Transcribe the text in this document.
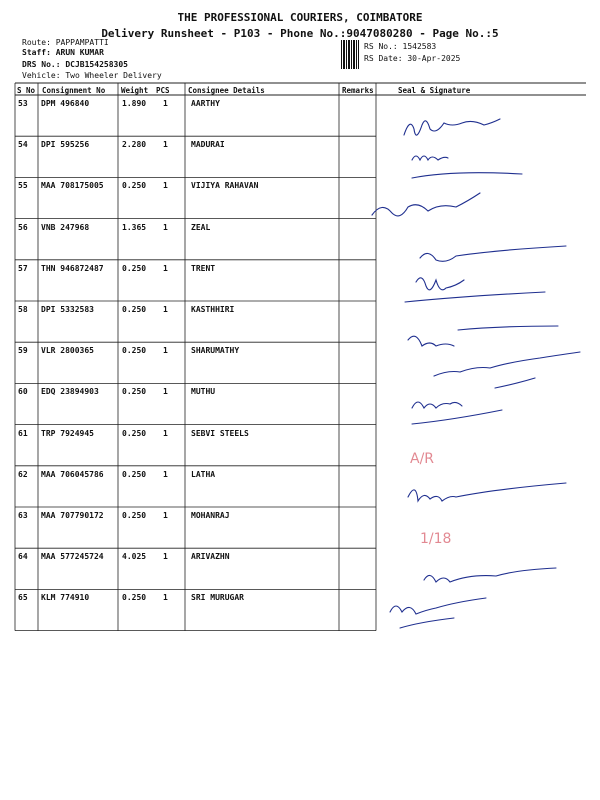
THE PROFESSIONAL COURIERS, COIMBATORE
Delivery Runsheet - P103 - Phone No.:9047080280 - Page No.:5
Route: PAPPAMPATTI
Staff: ARUN KUMAR
DRS No.: DCJB154258305
Vehicle: Two Wheeler Delivery
RS No.: 1542583
RS Date: 30-Apr-2025
S No Consignment No Weight PCS Consignee Details	Remarks	Seal & Signature
53 DPM 496840	1.890 1	AARTHY
54 DPI 595256	2.280 1	MADURAI
55 MAA 708175005 0.250 1	VIJIYA RAHAVAN
56 VNB 247968	1.365 1	ZEAL
57 THN 946872487 0.250 1	TRENT
58 DPI 5332583	0.250 1	KASTHHIRI
59 VLR 2800365	0.250 1	SHARUMATHY
60 EDQ 23894903	0.250 1	MUTHU
61 TRP 7924945	0.250 1	SEBVI STEELS
62 MAA 706045786 0.250 1	LATHA
63 MAA 707790172 0.250 1	MOHANRAJ
64 MAA 577245724 4.025 1	ARIVAZHN
65 KLM 774910	0.250 1	SRI MURUGAR
A/R
1/18
